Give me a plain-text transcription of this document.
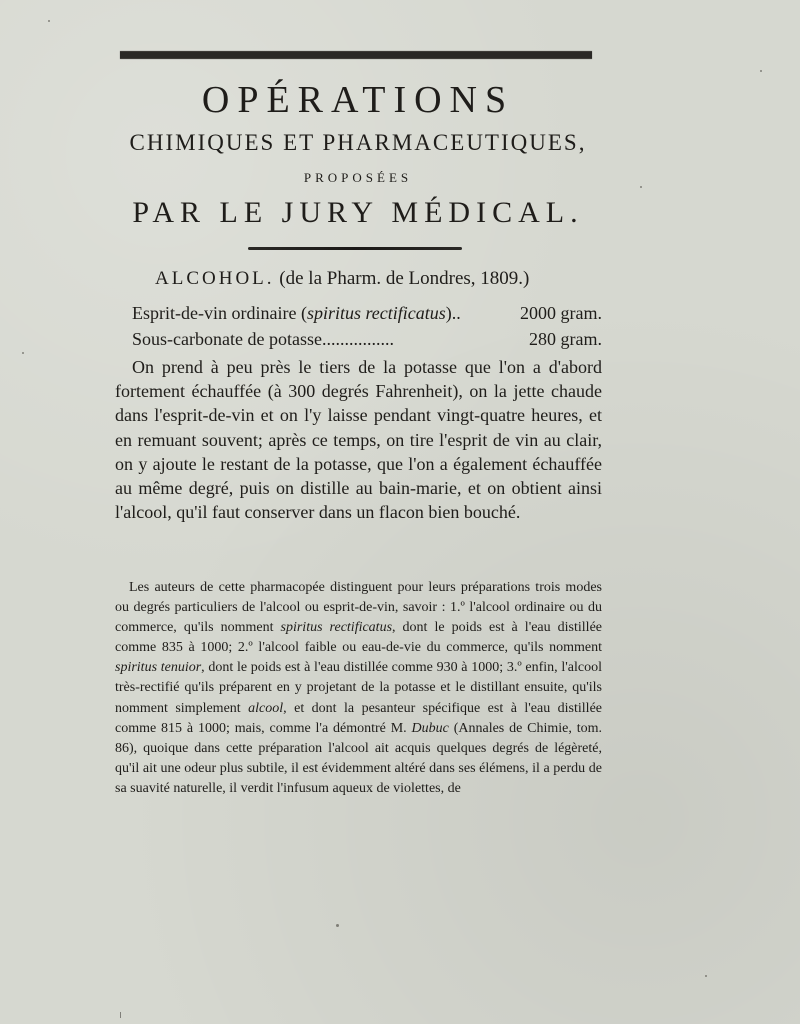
OPÉRATIONS
CHIMIQUES ET PHARMACEUTIQUES,
PROPOSÉES
PAR LE JURY MÉDICAL.
ALCOHOL. (de la Pharm. de Londres, 1809.)
Esprit-de-vin ordinaire (spiritus rectificatus)..	2000 gram.
Sous-carbonate de potasse................	280 gram.
On prend à peu près le tiers de la potasse que l'on a d'abord fortement échauffée (à 300 degrés Fahrenheit), on la jette chaude dans l'esprit-de-vin et on l'y laisse pendant vingt-quatre heures, et en remuant souvent; après ce temps, on tire l'esprit de vin au clair, on y ajoute le restant de la potasse, que l'on a également échauffée au même degré, puis on distille au bain-marie, et on obtient ainsi l'alcool, qu'il faut conserver dans un flacon bien bouché.
Les auteurs de cette pharmacopée distinguent pour leurs préparations trois modes ou degrés particuliers de l'alcool ou esprit-de-vin, savoir : 1.º l'alcool ordinaire ou du commerce, qu'ils nomment spiritus rectificatus, dont le poids est à l'eau distillée comme 835 à 1000; 2.º l'alcool faible ou eau-de-vie du commerce, qu'ils nomment spiritus tenuior, dont le poids est à l'eau distillée comme 930 à 1000; 3.º enfin, l'alcool très-rectifié qu'ils préparent en y projetant de la potasse et le distillant ensuite, qu'ils nomment simplement alcool, et dont la pesanteur spécifique est à l'eau distillée comme 815 à 1000; mais, comme l'a démontré M. Dubuc (Annales de Chimie, tom. 86), quoique dans cette préparation l'alcool ait acquis quelques degrés de légèreté, qu'il ait une odeur plus subtile, il est évidemment altéré dans ses élémens, il a perdu de sa suavité naturelle, il verdit l'infusum aqueux de violettes, de
